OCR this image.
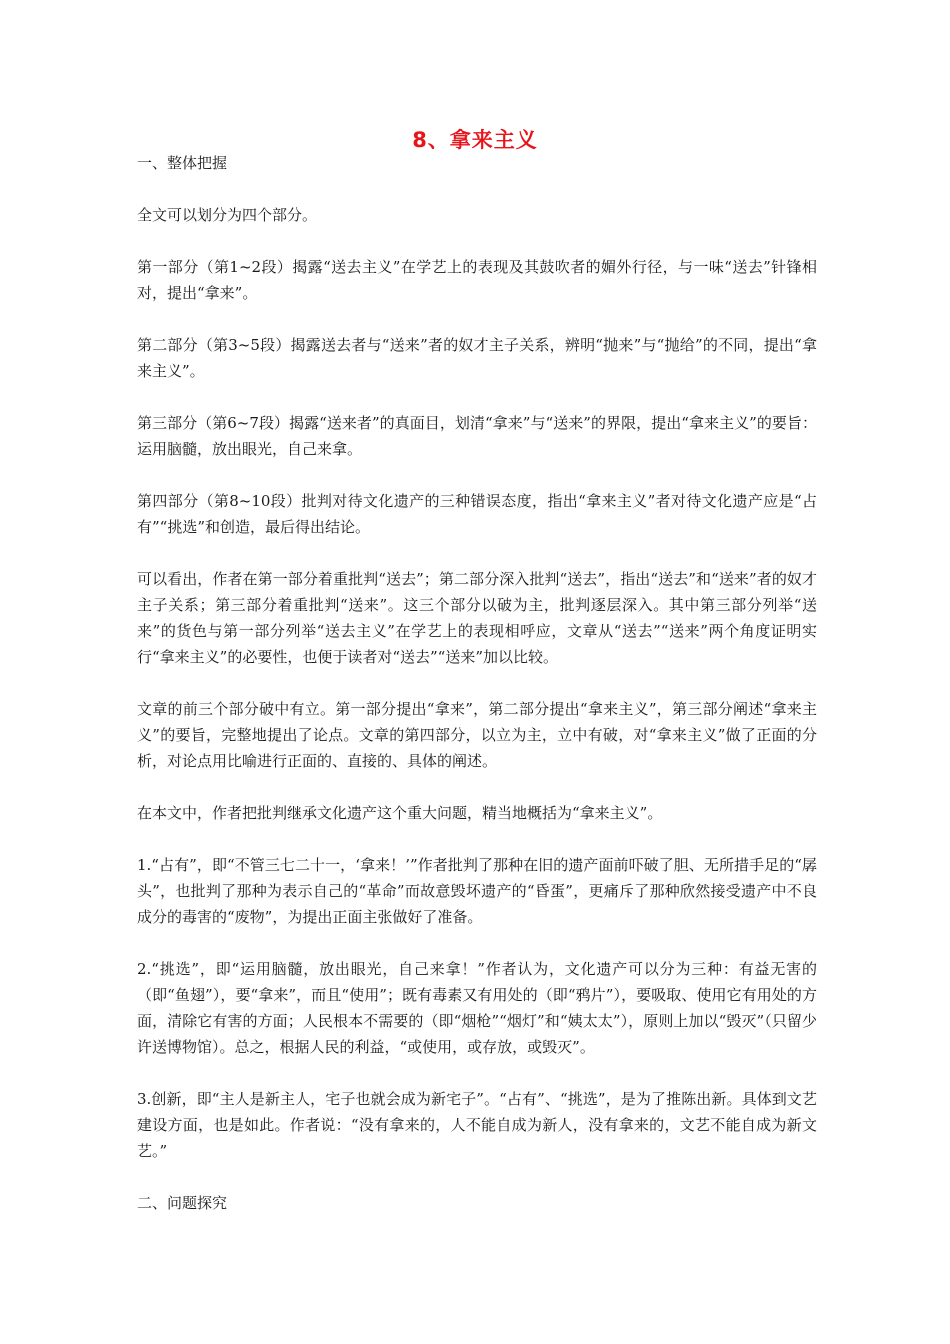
8、拿来主义

一、整体把握

全文可以划分为四个部分。

第一部分（第1~2段）揭露“送去主义”在学艺上的表现及其鼓吹者的媚外行径，与一味“送去”针锋相对，提出“拿来”。

第二部分（第3~5段）揭露送去者与“送来”者的奴才主子关系，辨明“抛来”与“抛给”的不同，提出“拿来主义”。

第三部分（第6~7段）揭露“送来者”的真面目，划清“拿来”与“送来”的界限，提出“拿来主义”的要旨：运用脑髓，放出眼光，自己来拿。

第四部分（第8~10段）批判对待文化遗产的三种错误态度，指出“拿来主义”者对待文化遗产应是“占有”“挑选”和创造，最后得出结论。

可以看出，作者在第一部分着重批判“送去”；第二部分深入批判“送去”，指出“送去”和“送来”者的奴才主子关系；第三部分着重批判“送来”。这三个部分以破为主，批判逐层深入。其中第三部分列举“送来”的货色与第一部分列举“送去主义”在学艺上的表现相呼应，文章从“送去”“送来”两个角度证明实行“拿来主义”的必要性，也便于读者对“送去”“送来”加以比较。

文章的前三个部分破中有立。第一部分提出“拿来”，第二部分提出“拿来主义”，第三部分阐述“拿来主义”的要旨，完整地提出了论点。文章的第四部分，以立为主，立中有破，对“拿来主义”做了正面的分析，对论点用比喻进行正面的、直接的、具体的阐述。

在本文中，作者把批判继承文化遗产这个重大问题，精当地概括为“拿来主义”。

1.“占有”，即“不管三七二十一，‘拿来！’”作者批判了那种在旧的遗产面前吓破了胆、无所措手足的“孱头”，也批判了那种为表示自己的“革命”而故意毁坏遗产的“昏蛋”，更痛斥了那种欣然接受遗产中不良成分的毒害的“废物”，为提出正面主张做好了准备。

2.“挑选”，即“运用脑髓，放出眼光，自己来拿！”作者认为，文化遗产可以分为三种：有益无害的（即“鱼翅”），要“拿来”，而且“使用”；既有毒素又有用处的（即“鸦片”），要吸取、使用它有用处的方面，清除它有害的方面；人民根本不需要的（即“烟枪”“烟灯”和“姨太太”），原则上加以“毁灭”（只留少许送博物馆）。总之，根据人民的利益，“或使用，或存放，或毁灭”。

3.创新，即“主人是新主人，宅子也就会成为新宅子”。“占有”、“挑选”，是为了推陈出新。具体到文艺建设方面，也是如此。作者说：“没有拿来的，人不能自成为新人，没有拿来的，文艺不能自成为新文艺。”

二、问题探究
